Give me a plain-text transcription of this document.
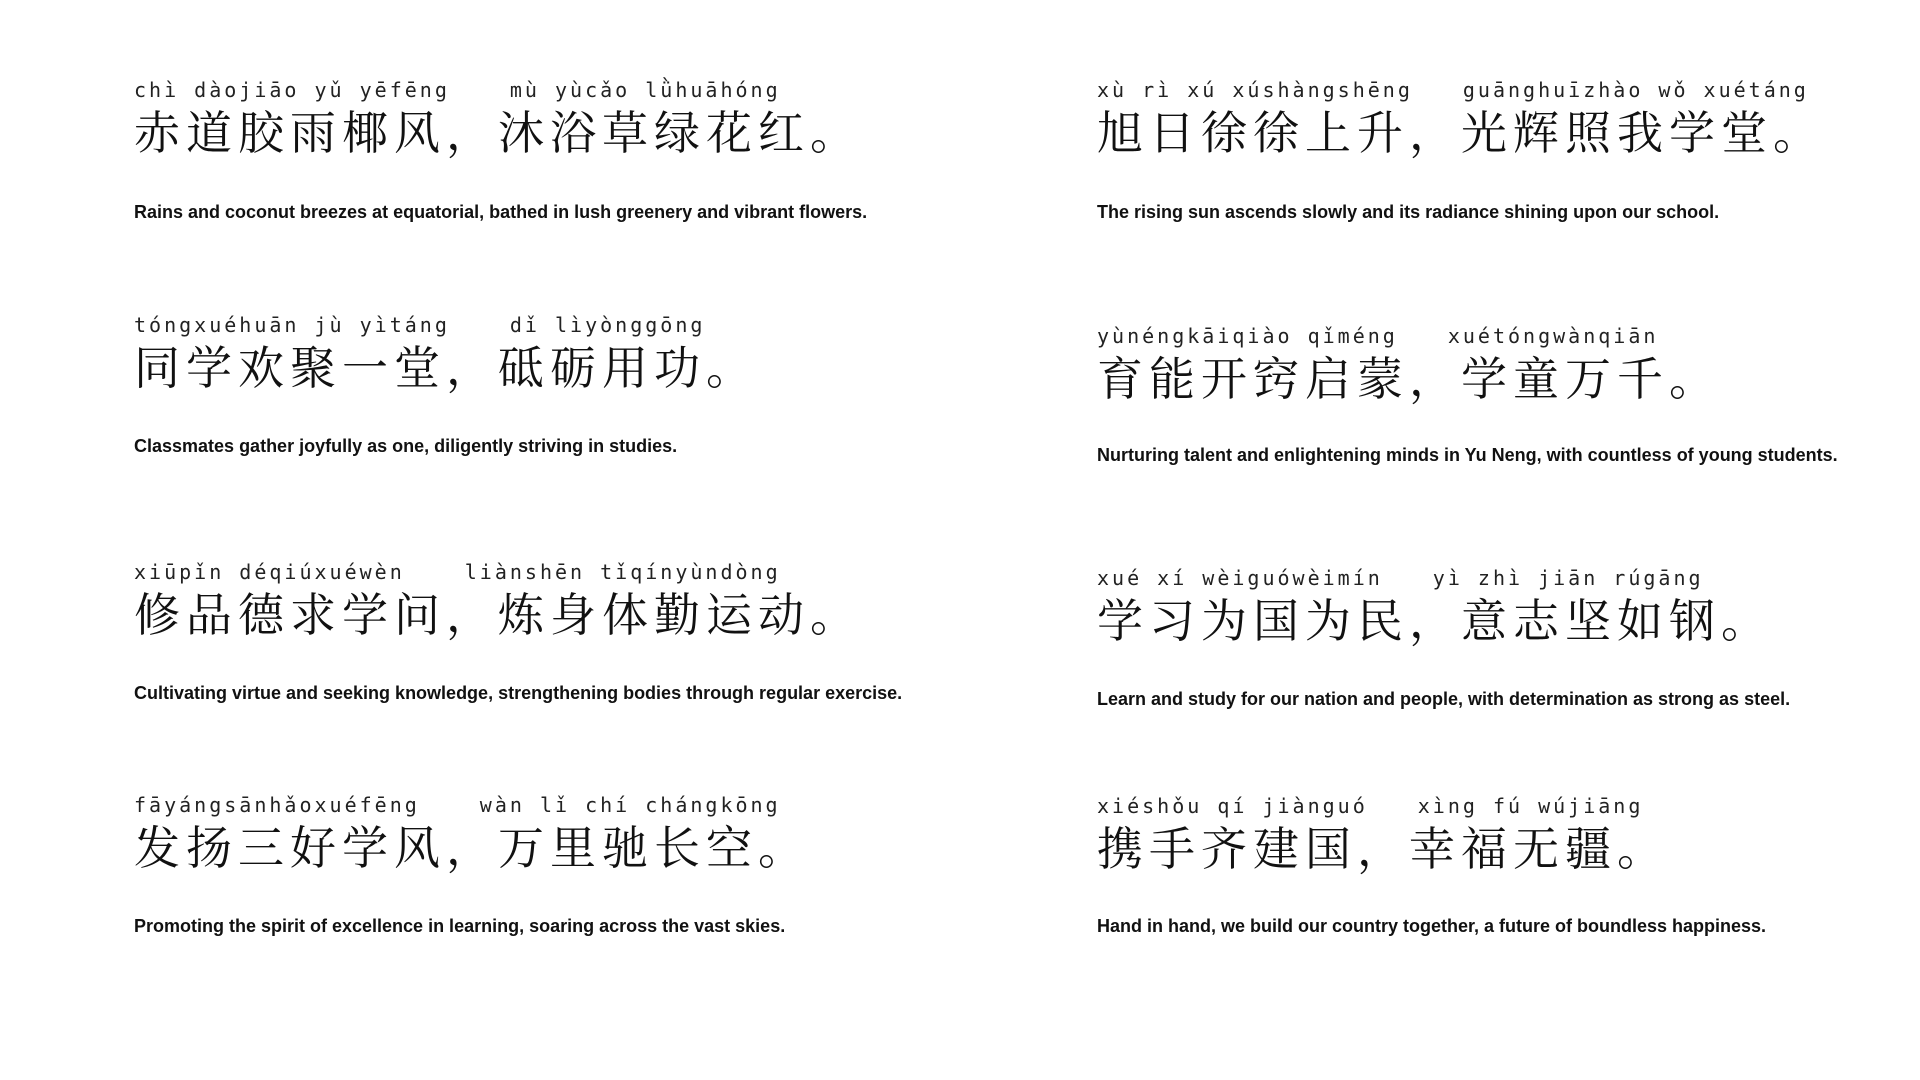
chì dàojiāo yǔ yēfēng	mù yùcǎo lǜhuāhóng
赤道胶雨椰风，沐浴草绿花红。
Rains and coconut breezes at equatorial, bathed in lush greenery and vibrant flowers.
tóngxuéhuān jù yìtáng	dǐ lìyònggōng
同学欢聚一堂，砥砺用功。
Classmates gather joyfully as one, diligently striving in studies.
xiūpǐn déqiúxuéwèn	liànshēn tǐqínyùndòng
修品德求学问，炼身体勤运动。
Cultivating virtue and seeking knowledge, strengthening bodies through regular exercise.
fāyángsānhǎoxuéfēng	wàn lǐ chí chángkōng
发扬三好学风，万里驰长空。
Promoting the spirit of excellence in learning, soaring across the vast skies.
xù rì xú xúshàngshēng	guānghuīzhào wǒ xuétáng
旭日徐徐上升，光辉照我学堂。
The rising sun ascends slowly and its radiance shining upon our school.
yùnéngkāiqiào qǐméng	xuétóngwànqiān
育能开窍启蒙，学童万千。
Nurturing talent and enlightening minds in Yu Neng, with countless of young students.
xué xí wèiguówèimín	yì zhì jiān rúgāng
学习为国为民，意志坚如钢。
Learn and study for our nation and people, with determination as strong as steel.
xiéshǒu qí jiànguó	xìng fú wújiāng
携手齐建国，幸福无疆。
Hand in hand, we build our country together, a future of boundless happiness.
